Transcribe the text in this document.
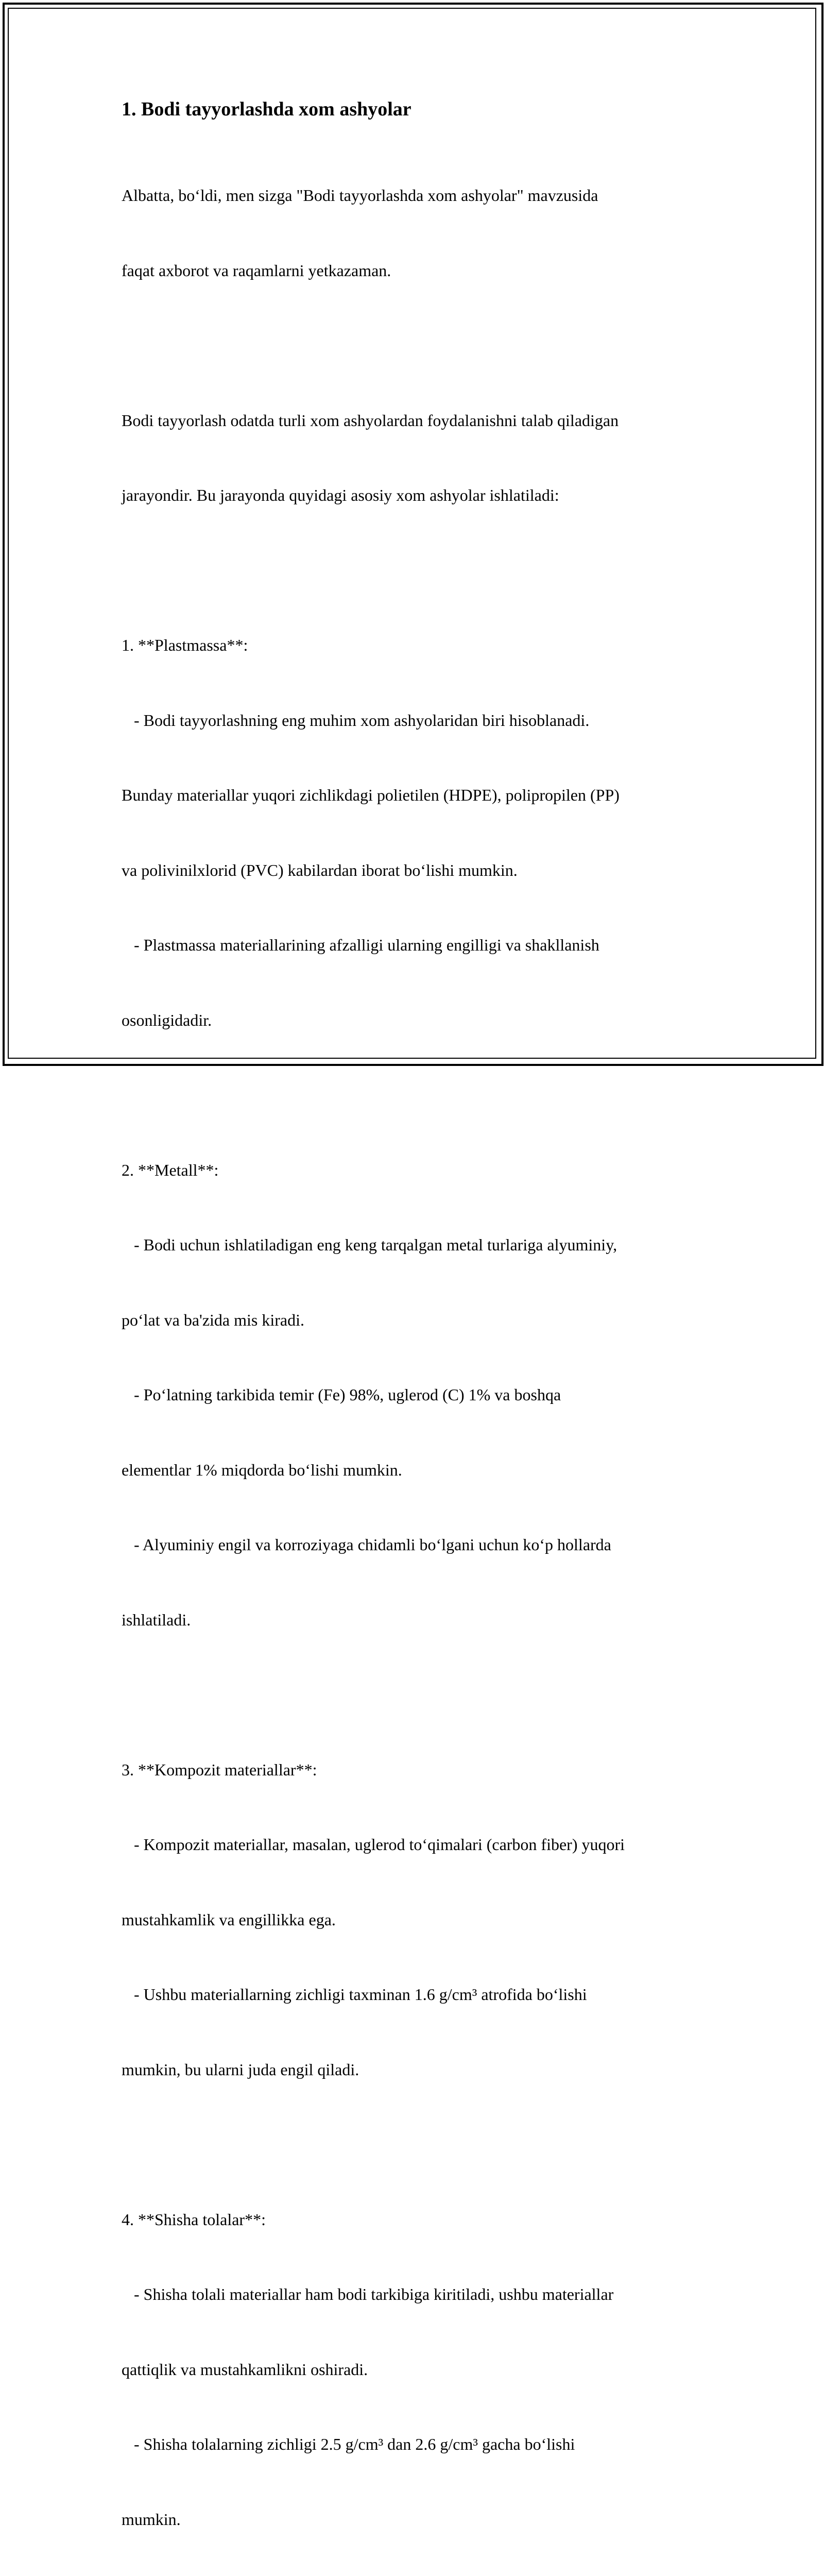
1. Bodi tayyorlashda xom ashyolar

Albatta, bo‘ldi, men sizga "Bodi tayyorlashda xom ashyolar" mavzusida

faqat axborot va raqamlarni yetkazaman.

Bodi tayyorlash odatda turli xom ashyolardan foydalanishni talab qiladigan

jarayondir. Bu jarayonda quyidagi asosiy xom ashyolar ishlatiladi:

1. **Plastmassa**:

- Bodi tayyorlashning eng muhim xom ashyolaridan biri hisoblanadi.

Bunday materiallar yuqori zichlikdagi polietilen (HDPE), polipropilen (PP)

va polivinilxlorid (PVC) kabilardan iborat bo‘lishi mumkin.

- Plastmassa materiallarining afzalligi ularning engilligi va shakllanish

osonligidadir.

2. **Metall**:

- Bodi uchun ishlatiladigan eng keng tarqalgan metal turlariga alyuminiy,

po‘lat va ba'zida mis kiradi.

- Po‘latning tarkibida temir (Fe) 98%, uglerod (C) 1% va boshqa

elementlar 1% miqdorda bo‘lishi mumkin.

- Alyuminiy engil va korroziyaga chidamli bo‘lgani uchun ko‘p hollarda

ishlatiladi.

3. **Kompozit materiallar**:

- Kompozit materiallar, masalan, uglerod to‘qimalari (carbon fiber) yuqori

mustahkamlik va engillikka ega.

- Ushbu materiallarning zichligi taxminan 1.6 g/cm³ atrofida bo‘lishi

mumkin, bu ularni juda engil qiladi.

4. **Shisha tolalar**:

- Shisha tolali materiallar ham bodi tarkibiga kiritiladi, ushbu materiallar

qattiqlik va mustahkamlikni oshiradi.

- Shisha tolalarning zichligi 2.5 g/cm³ dan 2.6 g/cm³ gacha bo‘lishi

mumkin.
